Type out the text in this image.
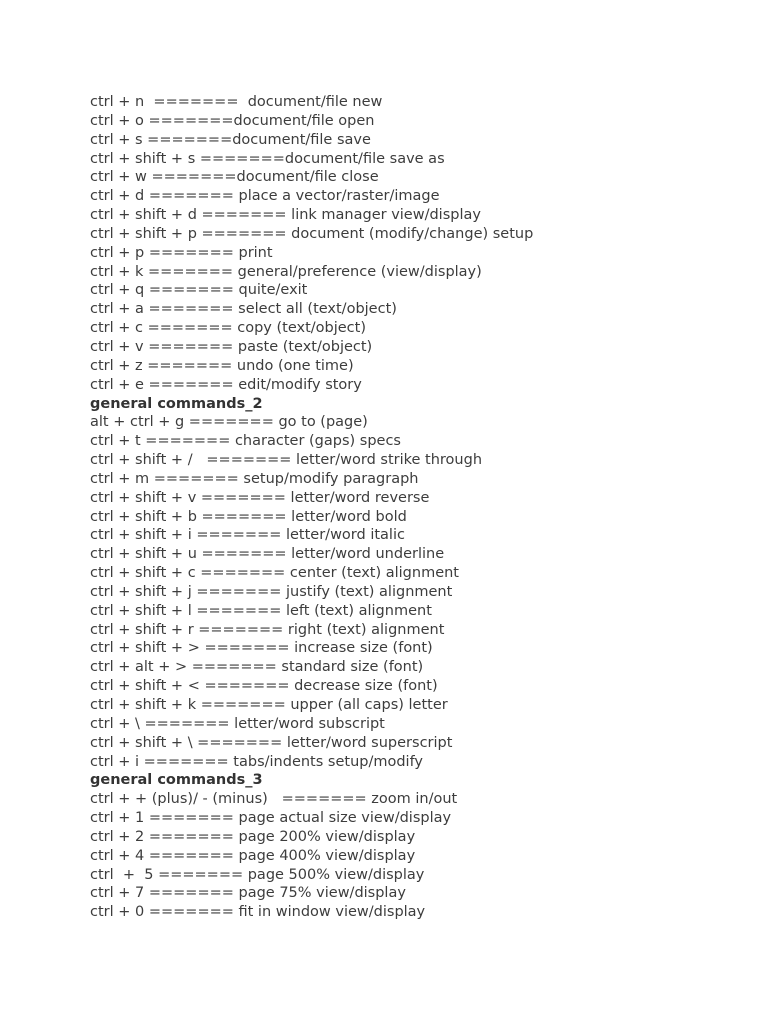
ctrl + n  =======  document/file new
ctrl + o =======document/file open
ctrl + s =======document/file save
ctrl + shift + s =======document/file save as
ctrl + w =======document/file close
ctrl + d ======= place a vector/raster/image
ctrl + shift + d ======= link manager view/display
ctrl + shift + p ======= document (modify/change) setup
ctrl + p ======= print
ctrl + k ======= general/preference (view/display)
ctrl + q ======= quite/exit
ctrl + a ======= select all (text/object)
ctrl + c ======= copy (text/object)
ctrl + v ======= paste (text/object)
ctrl + z ======= undo (one time)
ctrl + e ======= edit/modify story
general commands_2
alt + ctrl + g ======= go to (page)
ctrl + t ======= character (gaps) specs
ctrl + shift + /   ======= letter/word strike through
ctrl + m ======= setup/modify paragraph
ctrl + shift + v ======= letter/word reverse
ctrl + shift + b ======= letter/word bold
ctrl + shift + i ======= letter/word italic
ctrl + shift + u ======= letter/word underline
ctrl + shift + c ======= center (text) alignment
ctrl + shift + j ======= justify (text) alignment
ctrl + shift + l ======= left (text) alignment
ctrl + shift + r ======= right (text) alignment
ctrl + shift + > ======= increase size (font)
ctrl + alt + > ======= standard size (font)
ctrl + shift + < ======= decrease size (font)
ctrl + shift + k ======= upper (all caps) letter
ctrl + \ ======= letter/word subscript
ctrl + shift + \ ======= letter/word superscript
ctrl + i ======= tabs/indents setup/modify
general commands_3
ctrl + + (plus)/ - (minus)   ======= zoom in/out
ctrl + 1 ======= page actual size view/display
ctrl + 2 ======= page 200% view/display
ctrl + 4 ======= page 400% view/display
ctrl  +  5 ======= page 500% view/display
ctrl + 7 ======= page 75% view/display
ctrl + 0 ======= fit in window view/display
